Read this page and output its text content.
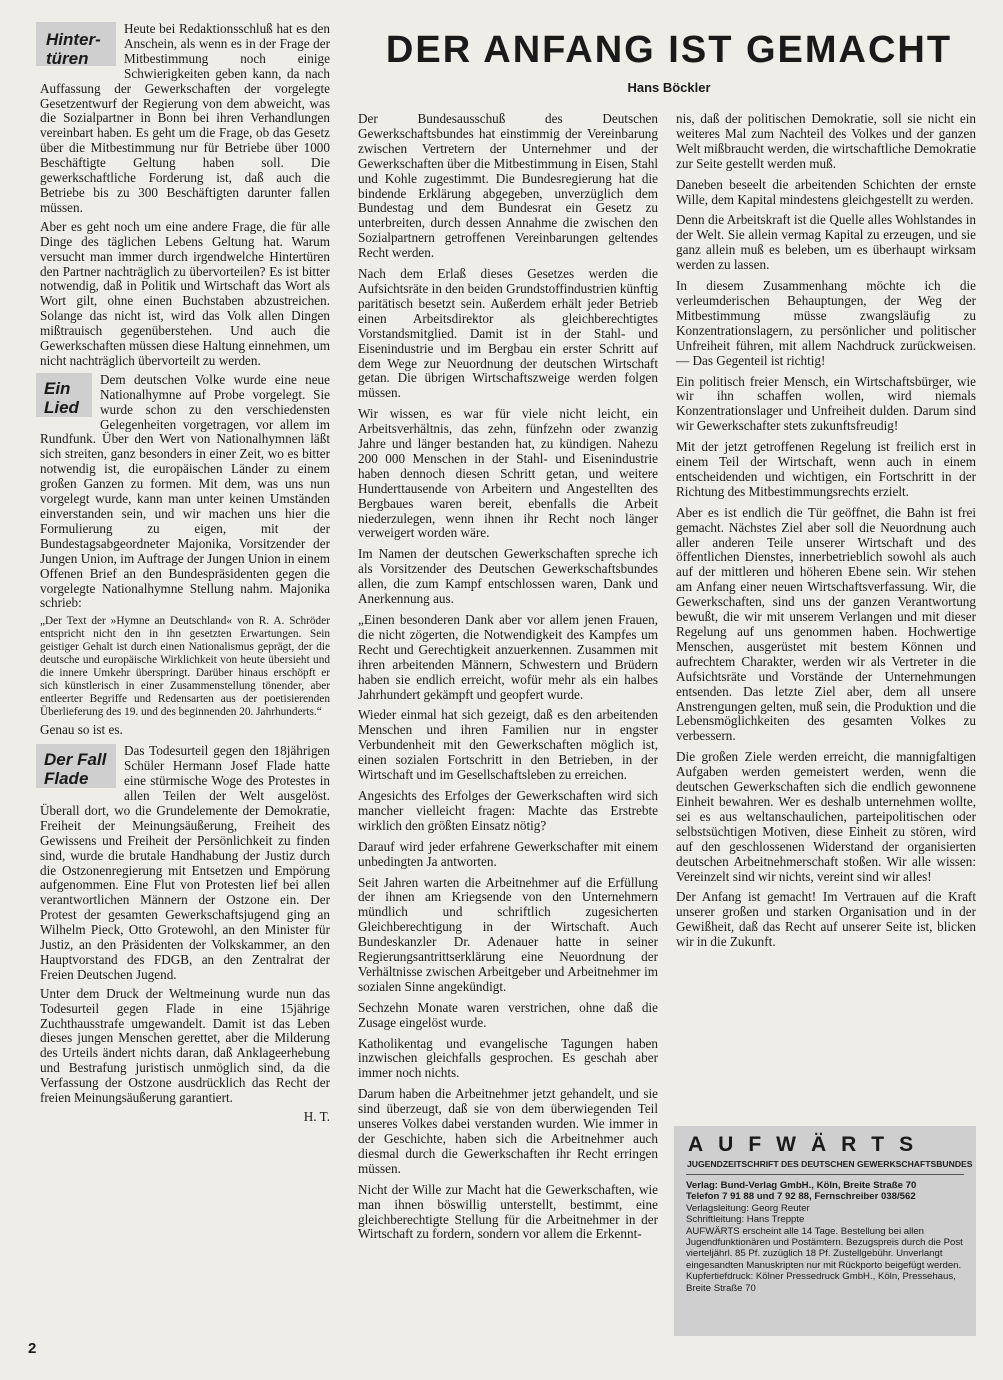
Hinter-
türen

Heute bei Redaktionsschluß hat es den Anschein, als wenn es in der Frage der Mitbestimmung noch einige Schwierigkeiten geben kann, da nach Auffassung der Gewerkschaften der vorgelegte Gesetzentwurf der Regierung von dem abweicht, was die Sozialpartner in Bonn bei ihren Verhandlungen vereinbart haben. Es geht um die Frage, ob das Gesetz über die Mitbestimmung nur für Betriebe über 1000 Beschäftigte Geltung haben soll. Die gewerkschaftliche Forderung ist, daß auch die Betriebe bis zu 300 Beschäftigten darunter fallen müssen.

Aber es geht noch um eine andere Frage, die für alle Dinge des täglichen Lebens Geltung hat. Warum versucht man immer durch irgendwelche Hintertüren den Partner nachträglich zu übervorteilen? Es ist bitter notwendig, daß in Politik und Wirtschaft das Wort als Wort gilt, ohne einen Buchstaben abzustreichen. Solange das nicht ist, wird das Volk allen Dingen mißtrauisch gegenüberstehen. Und auch die Gewerkschaften müssen diese Haltung einnehmen, um nicht nachträglich übervorteilt zu werden.

Ein
Lied

Dem deutschen Volke wurde eine neue Nationalhymne auf Probe vorgelegt. Sie wurde schon zu den verschiedensten Gelegenheiten vorgetragen, vor allem im Rundfunk. Über den Wert von Nationalhymnen läßt sich streiten, ganz besonders in einer Zeit, wo es bitter notwendig ist, die europäischen Länder zu einem großen Ganzen zu formen. Mit dem, was uns nun vorgelegt wurde, kann man unter keinen Umständen einverstanden sein, und wir machen uns hier die Formulierung zu eigen, mit der Bundestagsabgeordneter Majonika, Vorsitzender der Jungen Union, im Auftrage der Jungen Union in einem Offenen Brief an den Bundespräsidenten gegen die vorgelegte Nationalhymne Stellung nahm. Majonika schrieb:

„Der Text der »Hymne an Deutschland« von R. A. Schröder entspricht nicht den in ihn gesetzten Erwartungen. Sein geistiger Gehalt ist durch einen Nationalismus geprägt, der die deutsche und europäische Wirklichkeit von heute übersieht und die innere Umkehr überspringt. Darüber hinaus erschöpft er sich künstlerisch in einer Zusammenstellung tönender, aber entleerter Begriffe und Redensarten aus der poetisierenden Überlieferung des 19. und des beginnenden 20. Jahrhunderts.“

Genau so ist es.

Der Fall
Flade

Das Todesurteil gegen den 18jährigen Schüler Hermann Josef Flade hatte eine stürmische Woge des Protestes in allen Teilen der Welt ausgelöst. Überall dort, wo die Grundelemente der Demokratie, Freiheit der Meinungsäußerung, Freiheit des Gewissens und Freiheit der Persönlichkeit zu finden sind, wurde die brutale Handhabung der Justiz durch die Ostzonenregierung mit Entsetzen und Empörung aufgenommen. Eine Flut von Protesten lief bei allen verantwortlichen Männern der Ostzone ein. Der Protest der gesamten Gewerkschaftsjugend ging an Wilhelm Pieck, Otto Grotewohl, an den Minister für Justiz, an den Präsidenten der Volkskammer, an den Hauptvorstand des FDGB, an den Zentralrat der Freien Deutschen Jugend.

Unter dem Druck der Weltmeinung wurde nun das Todesurteil gegen Flade in eine 15jährige Zuchthausstrafe umgewandelt. Damit ist das Leben dieses jungen Menschen gerettet, aber die Milderung des Urteils ändert nichts daran, daß Anklageerhebung und Bestrafung juristisch unmöglich sind, da die Verfassung der Ostzone ausdrücklich das Recht der freien Meinungsäußerung garantiert.

H. T.

DER ANFANG IST GEMACHT
Hans Böckler

Der Bundesausschuß des Deutschen Gewerkschaftsbundes hat einstimmig der Vereinbarung zwischen Vertretern der Unternehmer und der Gewerkschaften über die Mitbestimmung in Eisen, Stahl und Kohle zugestimmt. Die Bundesregierung hat die bindende Erklärung abgegeben, unverzüglich dem Bundestag und dem Bundesrat ein Gesetz zu unterbreiten, durch dessen Annahme die zwischen den Sozialpartnern getroffenen Vereinbarungen geltendes Recht werden.

Nach dem Erlaß dieses Gesetzes werden die Aufsichtsräte in den beiden Grundstoffindustrien künftig paritätisch besetzt sein. Außerdem erhält jeder Betrieb einen Arbeitsdirektor als gleichberechtigtes Vorstandsmitglied. Damit ist in der Stahl- und Eisenindustrie und im Bergbau ein erster Schritt auf dem Wege zur Neuordnung der deutschen Wirtschaft getan. Die übrigen Wirtschaftszweige werden folgen müssen.

Wir wissen, es war für viele nicht leicht, ein Arbeitsverhältnis, das zehn, fünfzehn oder zwanzig Jahre und länger bestanden hat, zu kündigen. Nahezu 200 000 Menschen in der Stahl- und Eisenindustrie haben dennoch diesen Schritt getan, und weitere Hunderttausende von Arbeitern und Angestellten des Bergbaues waren bereit, ebenfalls die Arbeit niederzulegen, wenn ihnen ihr Recht noch länger verweigert worden wäre.

Im Namen der deutschen Gewerkschaften spreche ich als Vorsitzender des Deutschen Gewerkschaftsbundes allen, die zum Kampf entschlossen waren, Dank und Anerkennung aus.

„Einen besonderen Dank aber vor allem jenen Frauen, die nicht zögerten, die Notwendigkeit des Kampfes um Recht und Gerechtigkeit anzuerkennen. Zusammen mit ihren arbeitenden Männern, Schwestern und Brüdern haben sie endlich erreicht, wofür mehr als ein halbes Jahrhundert gekämpft und geopfert wurde.

Wieder einmal hat sich gezeigt, daß es den arbeitenden Menschen und ihren Familien nur in engster Verbundenheit mit den Gewerkschaften möglich ist, einen sozialen Fortschritt in den Betrieben, in der Wirtschaft und im Gesellschaftsleben zu erreichen.

Angesichts des Erfolges der Gewerkschaften wird sich mancher vielleicht fragen: Machte das Erstrebte wirklich den größten Einsatz nötig?

Darauf wird jeder erfahrene Gewerkschafter mit einem unbedingten Ja antworten.

Seit Jahren warten die Arbeitnehmer auf die Erfüllung der ihnen am Kriegsende von den Unternehmern mündlich und schriftlich zugesicherten Gleichberechtigung in der Wirtschaft. Auch Bundeskanzler Dr. Adenauer hatte in seiner Regierungsantrittserklärung eine Neuordnung der Verhältnisse zwischen Arbeitgeber und Arbeitnehmer im sozialen Sinne angekündigt.

Sechzehn Monate waren verstrichen, ohne daß die Zusage eingelöst wurde.

Katholikentag und evangelische Tagungen haben inzwischen gleichfalls gesprochen. Es geschah aber immer noch nichts.

Darum haben die Arbeitnehmer jetzt gehandelt, und sie sind überzeugt, daß sie von dem überwiegenden Teil unseres Volkes dabei verstanden wurden. Wie immer in der Geschichte, haben sich die Arbeitnehmer auch diesmal durch die Gewerkschaften ihr Recht erringen müssen.

Nicht der Wille zur Macht hat die Gewerkschaften, wie man ihnen böswillig unterstellt, bestimmt, eine gleichberechtigte Stellung für die Arbeitnehmer in der Wirtschaft zu fordern, sondern vor allem die Erkennt-

nis, daß der politischen Demokratie, soll sie nicht ein weiteres Mal zum Nachteil des Volkes und der ganzen Welt mißbraucht werden, die wirtschaftliche Demokratie zur Seite gestellt werden muß.

Daneben beseelt die arbeitenden Schichten der ernste Wille, dem Kapital mindestens gleichgestellt zu werden.

Denn die Arbeitskraft ist die Quelle alles Wohlstandes in der Welt. Sie allein vermag Kapital zu erzeugen, und sie ganz allein muß es beleben, um es überhaupt wirksam werden zu lassen.

In diesem Zusammenhang möchte ich die verleumderischen Behauptungen, der Weg der Mitbestimmung müsse zwangsläufig zu Konzentrationslagern, zu persönlicher und politischer Unfreiheit führen, mit allem Nachdruck zurückweisen. — Das Gegenteil ist richtig!

Ein politisch freier Mensch, ein Wirtschaftsbürger, wie wir ihn schaffen wollen, wird niemals Konzentrationslager und Unfreiheit dulden. Darum sind wir Gewerkschafter stets zukunftsfreudig!

Mit der jetzt getroffenen Regelung ist freilich erst in einem Teil der Wirtschaft, wenn auch in einem entscheidenden und wichtigen, ein Fortschritt in der Richtung des Mitbestimmungsrechts erzielt.

Aber es ist endlich die Tür geöffnet, die Bahn ist frei gemacht. Nächstes Ziel aber soll die Neuordnung auch aller anderen Teile unserer Wirtschaft und des öffentlichen Dienstes, innerbetrieblich sowohl als auch auf der mittleren und höheren Ebene sein. Wir stehen am Anfang einer neuen Wirtschaftsverfassung. Wir, die Gewerkschaften, sind uns der ganzen Verantwortung bewußt, die wir mit unserem Verlangen und mit dieser Regelung auf uns genommen haben. Hochwertige Menschen, ausgerüstet mit bestem Können und aufrechtem Charakter, werden wir als Vertreter in die Aufsichtsräte und Vorstände der Unternehmungen entsenden. Das letzte Ziel aber, dem all unsere Anstrengungen gelten, muß sein, die Produktion und die Lebensmöglichkeiten des gesamten Volkes zu verbessern.

Die großen Ziele werden erreicht, die mannigfaltigen Aufgaben werden gemeistert werden, wenn die deutschen Gewerkschaften sich die endlich gewonnene Einheit bewahren. Wer es deshalb unternehmen wollte, sei es aus weltanschaulichen, parteipolitischen oder selbstsüchtigen Motiven, diese Einheit zu stören, wird auf den geschlossenen Widerstand der organisierten deutschen Arbeitnehmerschaft stoßen. Wir alle wissen: Vereinzelt sind wir nichts, vereint sind wir alles!

Der Anfang ist gemacht! Im Vertrauen auf die Kraft unserer großen und starken Organisation und in der Gewißheit, daß das Recht auf unserer Seite ist, blicken wir in die Zukunft.

AUFWÄRTS
JUGENDZEITSCHRIFT DES DEUTSCHEN GEWERKSCHAFTSBUNDES

Verlag: Bund-Verlag GmbH., Köln, Breite Straße 70

Telefon 7 91 88 und 7 92 88, Fernschreiber 038/562

Verlagsleitung: Georg Reuter

Schriftleitung: Hans Treppte

AUFWÄRTS erscheint alle 14 Tage. Bestellung bei allen Jugendfunktionären und Postämtern. Bezugspreis durch die Post vierteljährl. 85 Pf. zuzüglich 18 Pf. Zustellgebühr. Unverlangt eingesandten Manuskripten nur mit Rückporto beigefügt werden.

Kupfertiefdruck: Kölner Pressedruck GmbH., Köln, Pressehaus, Breite Straße 70

2
